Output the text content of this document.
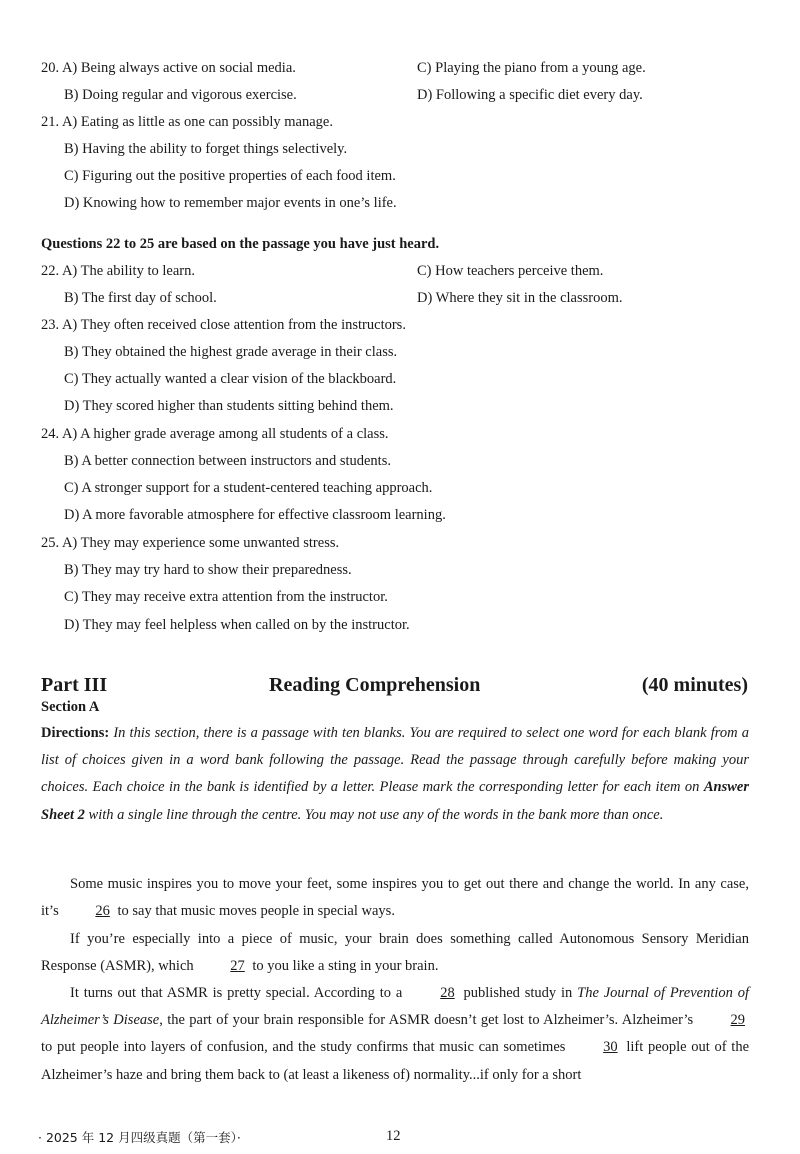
20. A) Being always active on social media.	C) Playing the piano from a young age.
B) Doing regular and vigorous exercise.	D) Following a specific diet every day.
21. A) Eating as little as one can possibly manage.
B) Having the ability to forget things selectively.
C) Figuring out the positive properties of each food item.
D) Knowing how to remember major events in one’s life.
Questions 22 to 25 are based on the passage you have just heard.
22. A) The ability to learn.	C) How teachers perceive them.
B) The first day of school.	D) Where they sit in the classroom.
23. A) They often received close attention from the instructors.
B) They obtained the highest grade average in their class.
C) They actually wanted a clear vision of the blackboard.
D) They scored higher than students sitting behind them.
24. A) A higher grade average among all students of a class.
B) A better connection between instructors and students.
C) A stronger support for a student-centered teaching approach.
D) A more favorable atmosphere for effective classroom learning.
25. A) They may experience some unwanted stress.
B) They may try hard to show their preparedness.
C) They may receive extra attention from the instructor.
D) They may feel helpless when called on by the instructor.
Part III	Reading Comprehension	(40 minutes)
Section A
Directions: In this section, there is a passage with ten blanks. You are required to select one word for each blank from a list of choices given in a word bank following the passage. Read the passage through carefully before making your choices. Each choice in the bank is identified by a letter. Please mark the corresponding letter for each item on Answer Sheet 2 with a single line through the centre. You may not use any of the words in the bank more than once.
Some music inspires you to move your feet, some inspires you to get out there and change the world. In any case, it’s	26 to say that music moves people in special ways.
If you’re especially into a piece of music, your brain does something called Autonomous Sensory Meridian Response (ASMR), which	27 to you like a sting in your brain.
It turns out that ASMR is pretty special. According to a	28 published study in The Journal of Prevention of Alzheimer’s Disease, the part of your brain responsible for ASMR doesn’t get lost to Alzheimer’s. Alzheimer’s	29 to put people into layers of confusion, and the study confirms that music can sometimes	30 lift people out of the Alzheimer’s haze and bring them back to (at least a likeness of) normality...if only for a short
· 2025 年 12 月四级真题（第一套）·	12
